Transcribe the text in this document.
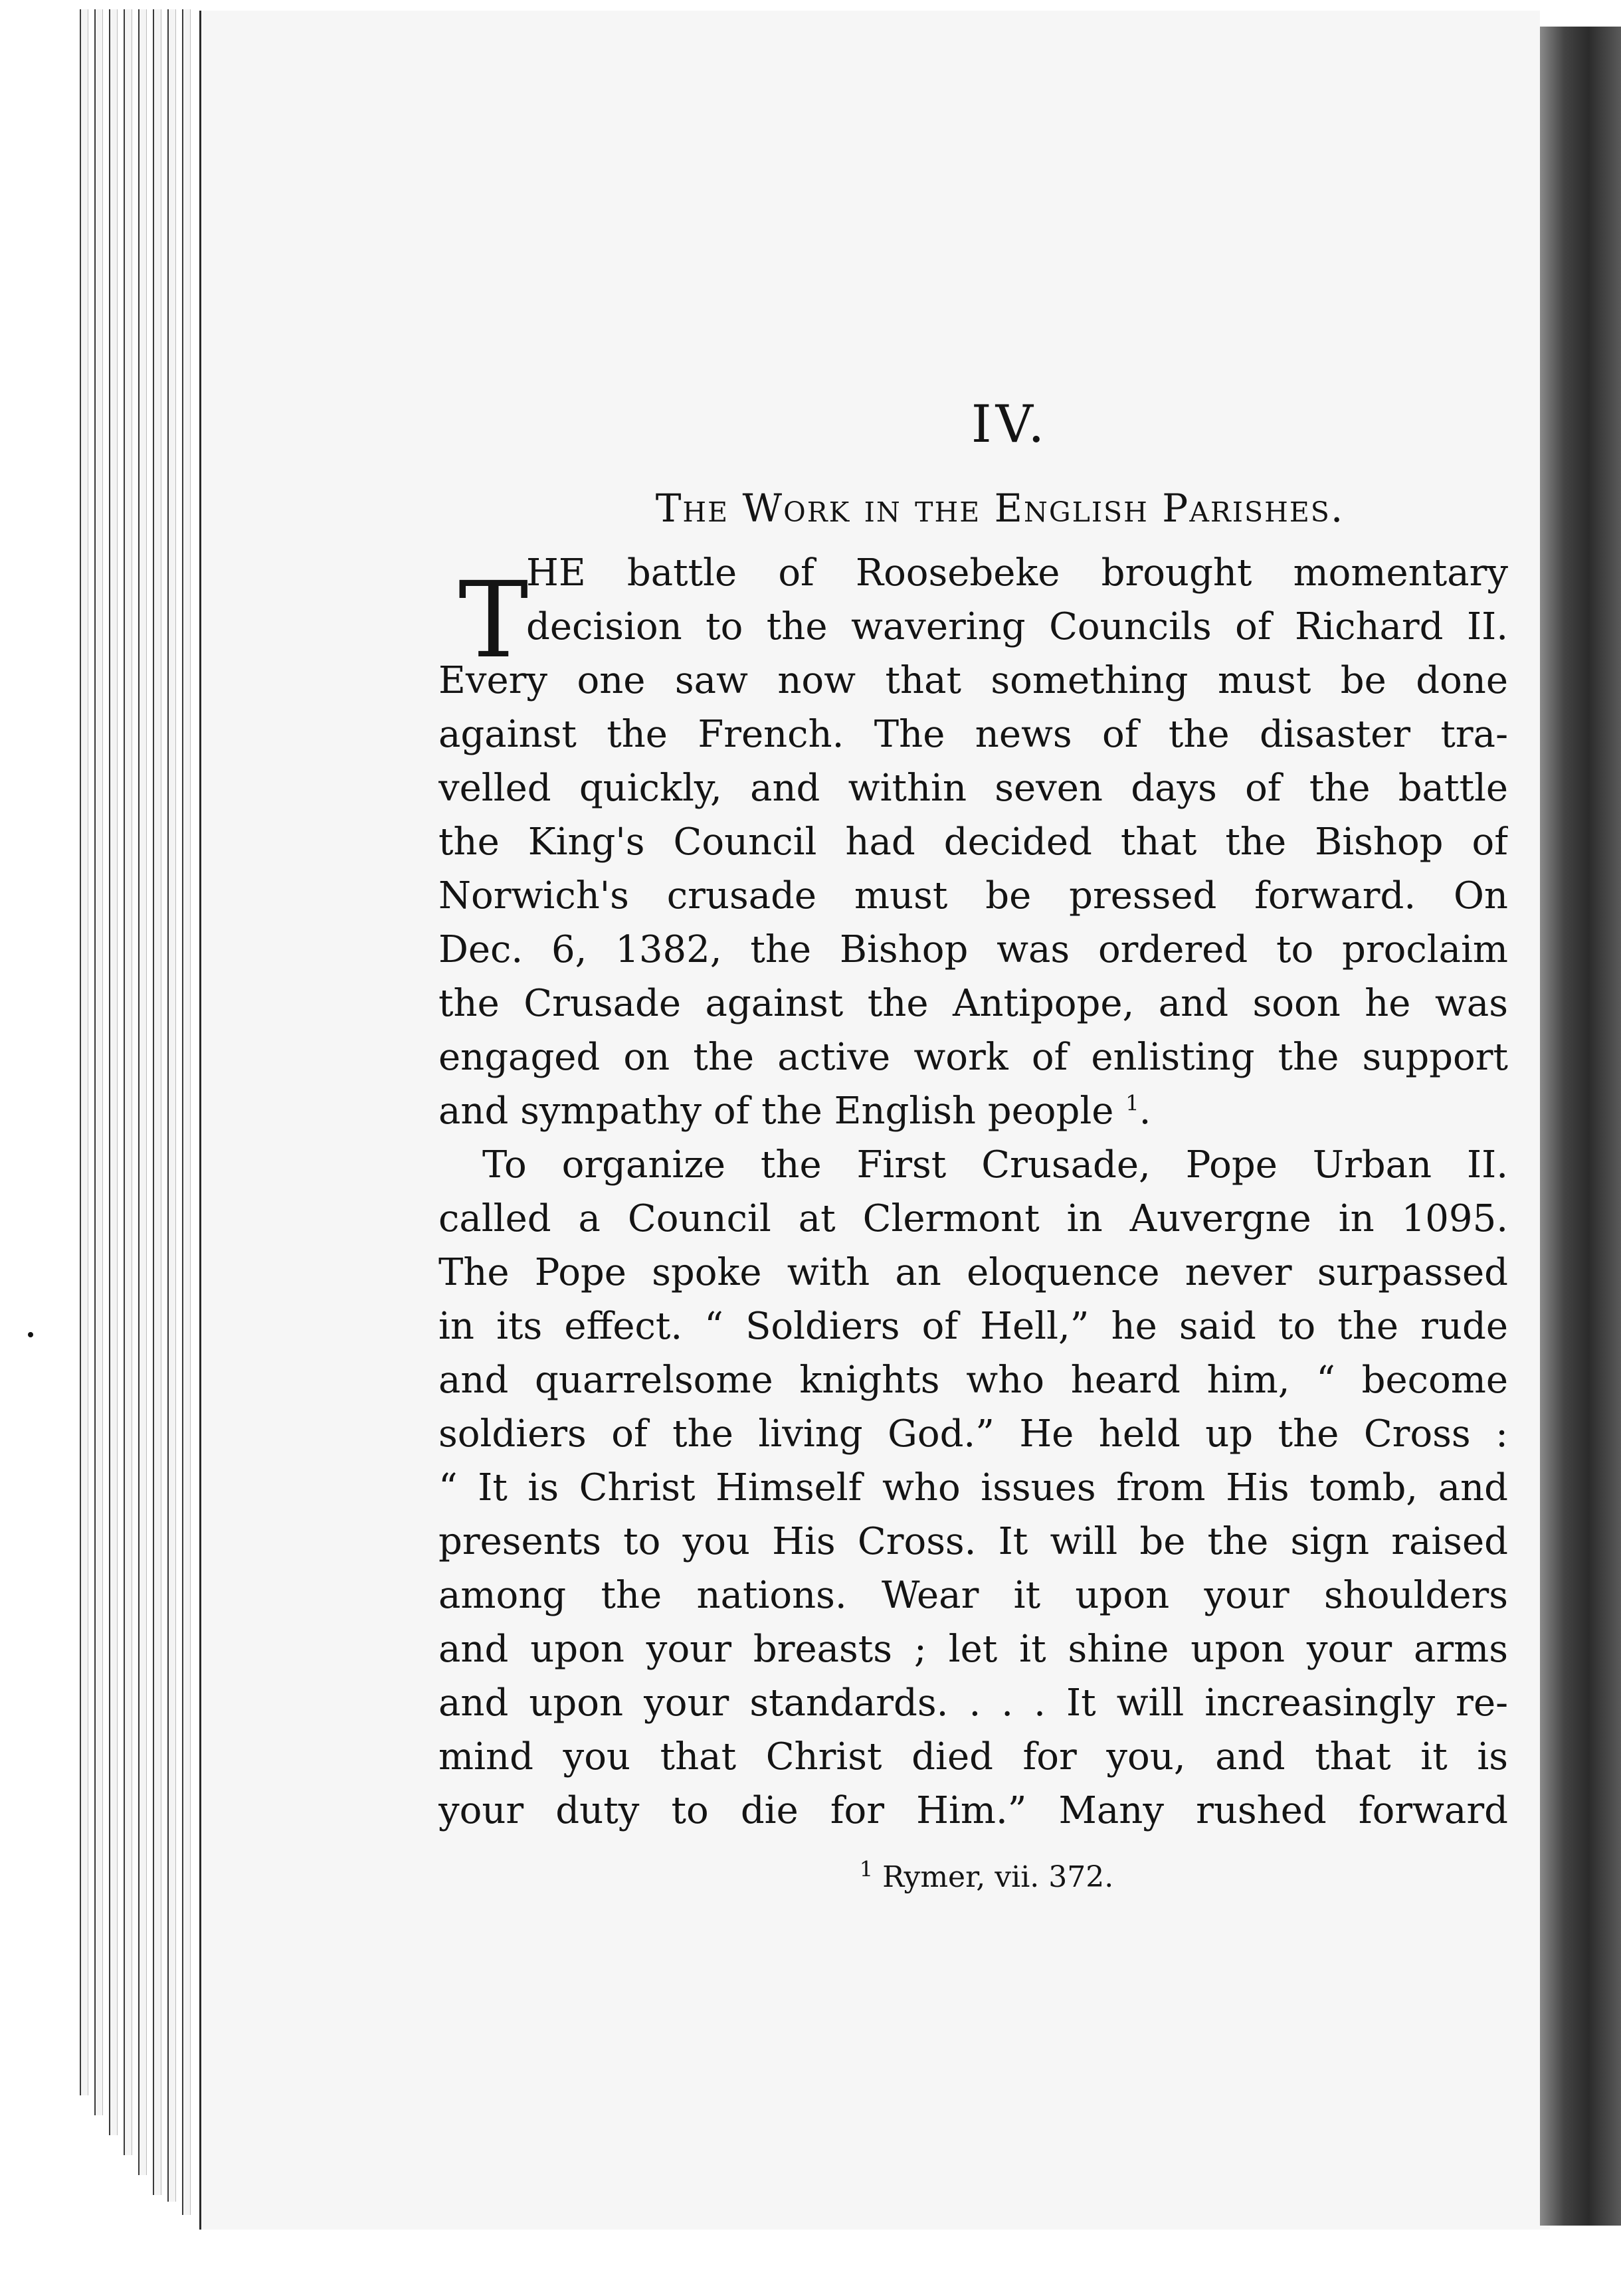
IV.
The Work in the English Parishes.
T
HE battle of Roosebeke brought momentary
decision to the wavering Councils of Richard II.
Every one saw now that something must be done
against the French. The news of the disaster tra-
velled quickly, and within seven days of the battle
the King's Council had decided that the Bishop of
Norwich's crusade must be pressed forward. On
Dec. 6, 1382, the Bishop was ordered to proclaim
the Crusade against the Antipope, and soon he was
engaged on the active work of enlisting the support
and sympathy of the English people $^1$.
To organize the First Crusade, Pope Urban II.
called a Council at Clermont in Auvergne in 1095.
The Pope spoke with an eloquence never surpassed
in its effect. “ Soldiers of Hell,” he said to the rude
and quarrelsome knights who heard him, “ become
soldiers of the living God.” He held up the Cross :
“ It is Christ Himself who issues from His tomb, and
presents to you His Cross. It will be the sign raised
among the nations. Wear it upon your shoulders
and upon your breasts ; let it shine upon your arms
and upon your standards. . . . It will increasingly re-
mind you that Christ died for you, and that it is
your duty to die for Him.” Many rushed forward
$^1$ Rymer, vii. 372.
